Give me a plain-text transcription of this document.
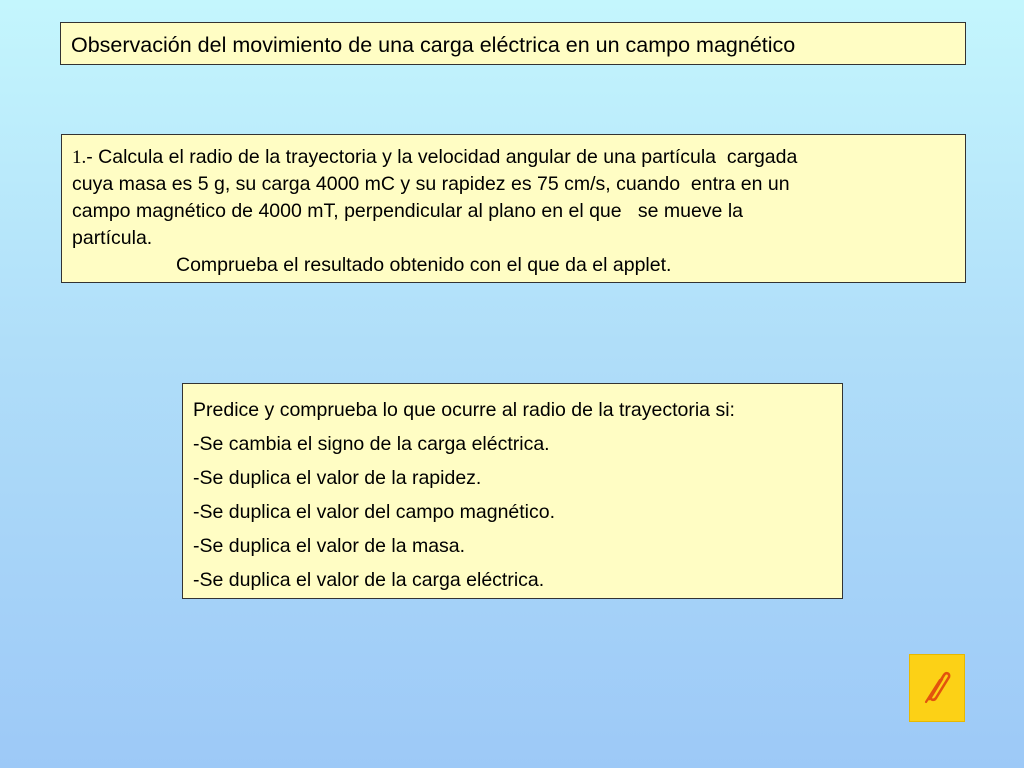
Observación del movimiento de una carga eléctrica en un campo magnético
1.- Calcula el radio de la trayectoria y la velocidad angular de una partícula  cargada
cuya masa es 5 g, su carga 4000 mC y su rapidez es 75 cm/s, cuando  entra en un
campo magnético de 4000 mT, perpendicular al plano en el que   se mueve la
partícula.
Comprueba el resultado obtenido con el que da el applet.
Predice y comprueba lo que ocurre al radio de la trayectoria si:
-Se cambia el signo de la carga eléctrica.
-Se duplica el valor de la rapidez.
-Se duplica el valor del campo magnético.
-Se duplica el valor de la masa.
-Se duplica el valor de la carga eléctrica.
